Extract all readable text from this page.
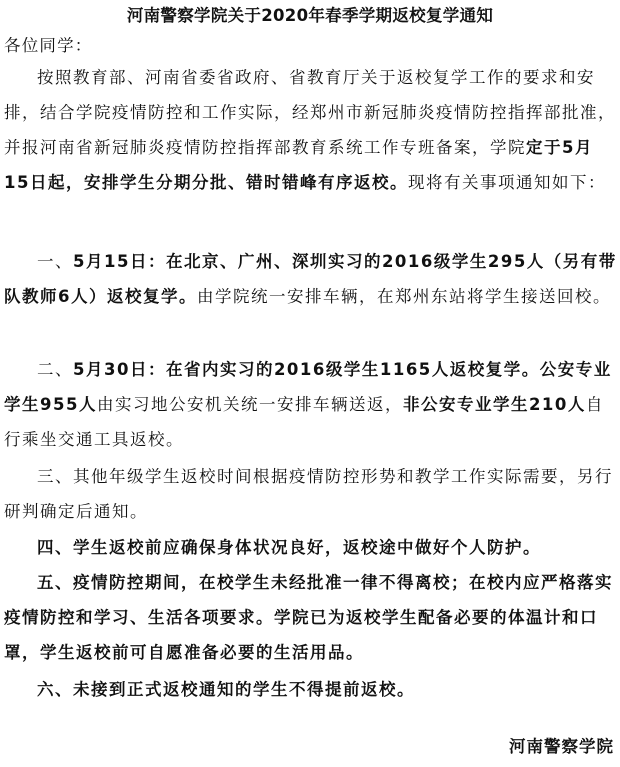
河南警察学院关于2020年春季学期返校复学通知
各位同学：

按照教育部、河南省委省政府、省教育厅关于返校复学工作的要求和安排，结合学院疫情防控和工作实际，经郑州市新冠肺炎疫情防控指挥部批准，并报河南省新冠肺炎疫情防控指挥部教育系统工作专班备案，学院定于5月15日起，安排学生分期分批、错时错峰有序返校。现将有关事项通知如下：

一、5月15日：在北京、广州、深圳实习的2016级学生295人（另有带队教师6人）返校复学。由学院统一安排车辆，在郑州东站将学生接送回校。

二、5月30日：在省内实习的2016级学生1165人返校复学。公安专业学生955人由实习地公安机关统一安排车辆送返，非公安专业学生210人自行乘坐交通工具返校。

三、其他年级学生返校时间根据疫情防控形势和教学工作实际需要，另行研判确定后通知。

四、学生返校前应确保身体状况良好，返校途中做好个人防护。

五、疫情防控期间，在校学生未经批准一律不得离校；在校内应严格落实疫情防控和学习、生活各项要求。学院已为返校学生配备必要的体温计和口罩，学生返校前可自愿准备必要的生活用品。

六、未接到正式返校通知的学生不得提前返校。

河南警察学院
